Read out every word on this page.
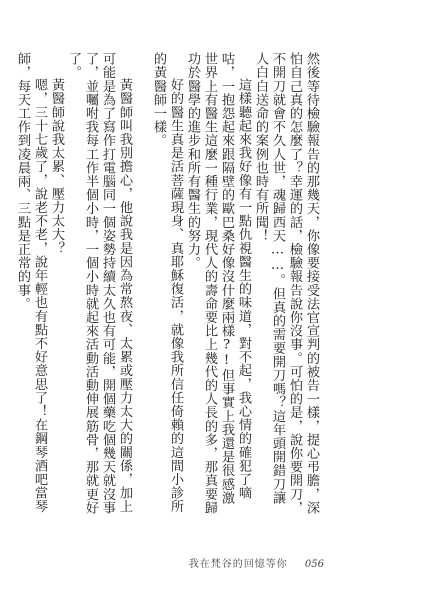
然後等待檢驗報告的那幾天，你像要接受法官宣判的被告一樣，提心弔膽，深怕自己真的怎麼了？幸運的話，檢驗報告說你沒事。可怕的是，說你要開刀，不開刀就會不久人世，魂歸西天……。但真的需要開刀嗎？這年頭開錯刀讓人白白送命的案例也時有所聞！

這樣聽起來我好像有一點仇視醫生的味道，對不起，我心情的確犯了嘀咕，一抱怨起來跟隔壁的歐巴桑好像沒什麼兩樣?!但事實上我還是很感激世界上有醫生這麼一種行業，現代人的壽命要比上幾代的人長的多，那真要歸功於醫學的進步和所有醫生的努力。

好的醫生真是活菩薩現身、真耶穌復活，就像我所信任倚賴的這間小診所的黃醫師一樣。

黃醫師叫我別擔心，他說我是因為常熬夜、太累或壓力太大的關係，加上可能是為了寫作打電腦同一個姿勢持續太久也有可能，開個藥吃個幾天就沒事了，並囑咐我每工作半個小時，一個小時就起來活動活動伸展筋骨，那就更好了。

黃醫師說我太累、壓力太大？

嗯，三十七歲了，說老不老，說年輕也有點不好意思了！在鋼琴酒吧當琴師，每天工作到凌晨兩、三點是正常的事。

我在梵谷的回憶等你 056
